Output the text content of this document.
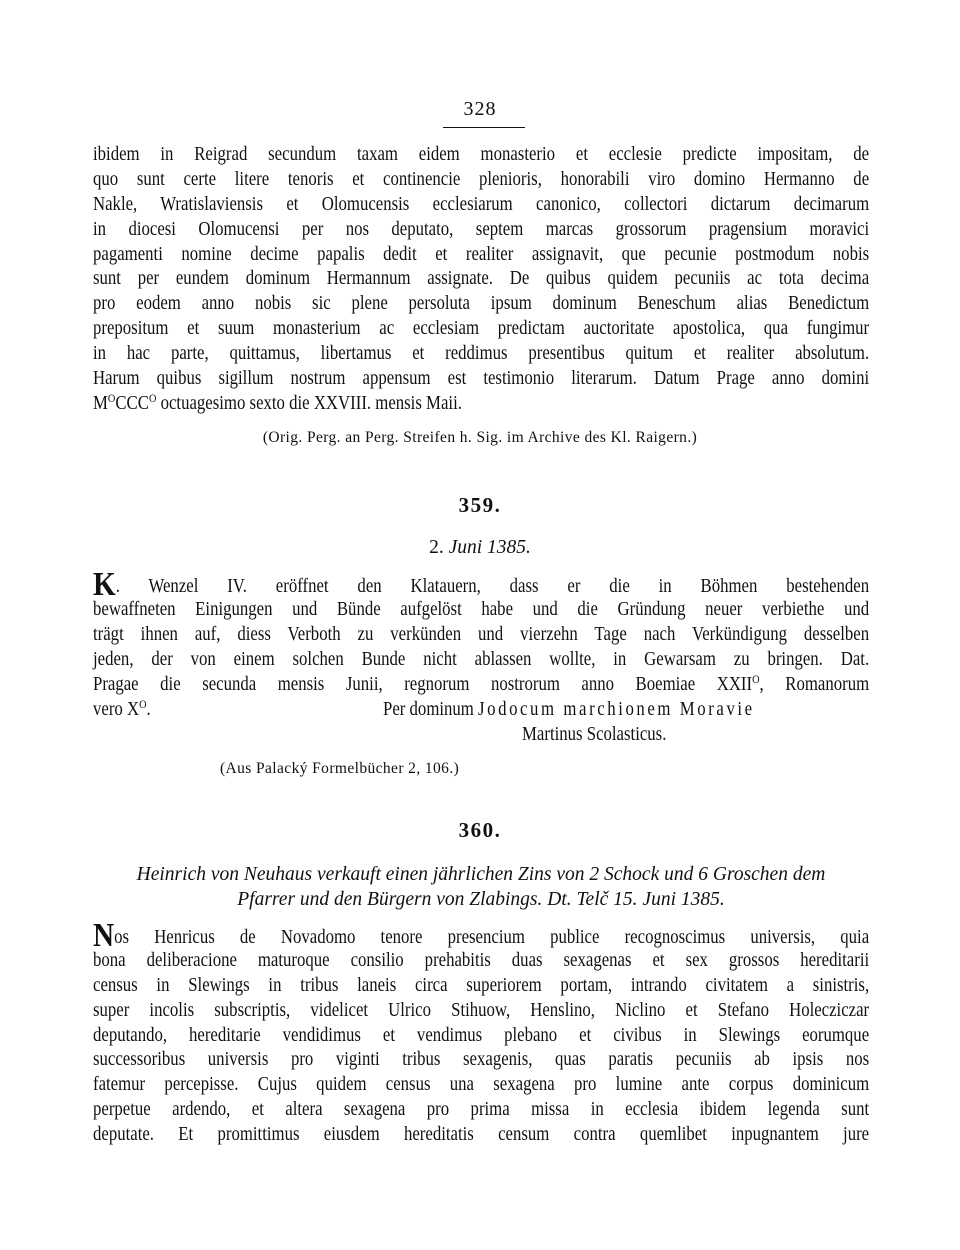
328
ibidem in Reigrad secundum taxam eidem monasterio et ecclesie predicte impositam, de
quo sunt certe litere tenoris et continencie plenioris, honorabili viro domino Hermanno de
Nakle, Wratislaviensis et Olomucensis ecclesiarum canonico, collectori dictarum decimarum
in diocesi Olomucensi per nos deputato, septem marcas grossorum pragensium moravici
pagamenti nomine decime papalis dedit et realiter assignavit, que pecunie postmodum nobis
sunt per eundem dominum Hermannum assignate. De quibus quidem pecuniis ac tota decima
pro eodem anno nobis sic plene persoluta ipsum dominum Beneschum alias Benedictum
prepositum et suum monasterium ac ecclesiam predictam auctoritate apostolica, qua fungimur
in hac parte, quittamus, libertamus et reddimus presentibus quitum et realiter absolutum.
Harum quibus sigillum nostrum appensum est testimonio literarum. Datum Prage anno domini
$M^OCCC^O$ octuagesimo sexto die XXVIII. mensis Maii.
(Orig. Perg. an Perg. Streifen h. Sig. im Archive des Kl. Raigern.)
359.
2. Juni 1385.
K. Wenzel IV. eröffnet den Klatauern, dass er die in Böhmen bestehenden
bewaffneten Einigungen und Bünde aufgelöst habe und die Gründung neuer verbiethe und
trägt ihnen auf, diess Verboth zu verkünden und vierzehn Tage nach Verkündigung desselben
jeden, der von einem solchen Bunde nicht ablassen wollte, in Gewarsam zu bringen. Dat.
Pragae die secunda mensis Junii, regnorum nostrorum anno Boemiae $XXII^O$, Romanorum
vero $X^O$.	Per dominum Jodocum marchionem Moravie
Martinus Scolasticus.
(Aus Palacký Formelbücher 2, 106.)
360.
Heinrich von Neuhaus verkauft einen jährlichen Zins von 2 Schock und 6 Groschen dem
Pfarrer und den Bürgern von Zlabings. Dt. Telč 15. Juni 1385.
Nos Henricus de Novadomo tenore presencium publice recognoscimus universis, quia
bona deliberacione maturoque consilio prehabitis duas sexagenas et sex grossos hereditarii
census in Slewings in tribus laneis circa superiorem portam, intrando civitatem a sinistris,
super incolis subscriptis, videlicet Ulrico Stihuow, Henslino, Niclino et Stefano Holecziczar
deputando, hereditarie vendidimus et vendimus plebano et civibus in Slewings eorumque
successoribus universis pro viginti tribus sexagenis, quas paratis pecuniis ab ipsis nos
fatemur percepisse. Cujus quidem census una sexagena pro lumine ante corpus dominicum
perpetue ardendo, et altera sexagena pro prima missa in ecclesia ibidem legenda sunt
deputate. Et promittimus eiusdem hereditatis censum contra quemlibet inpugnantem jure
